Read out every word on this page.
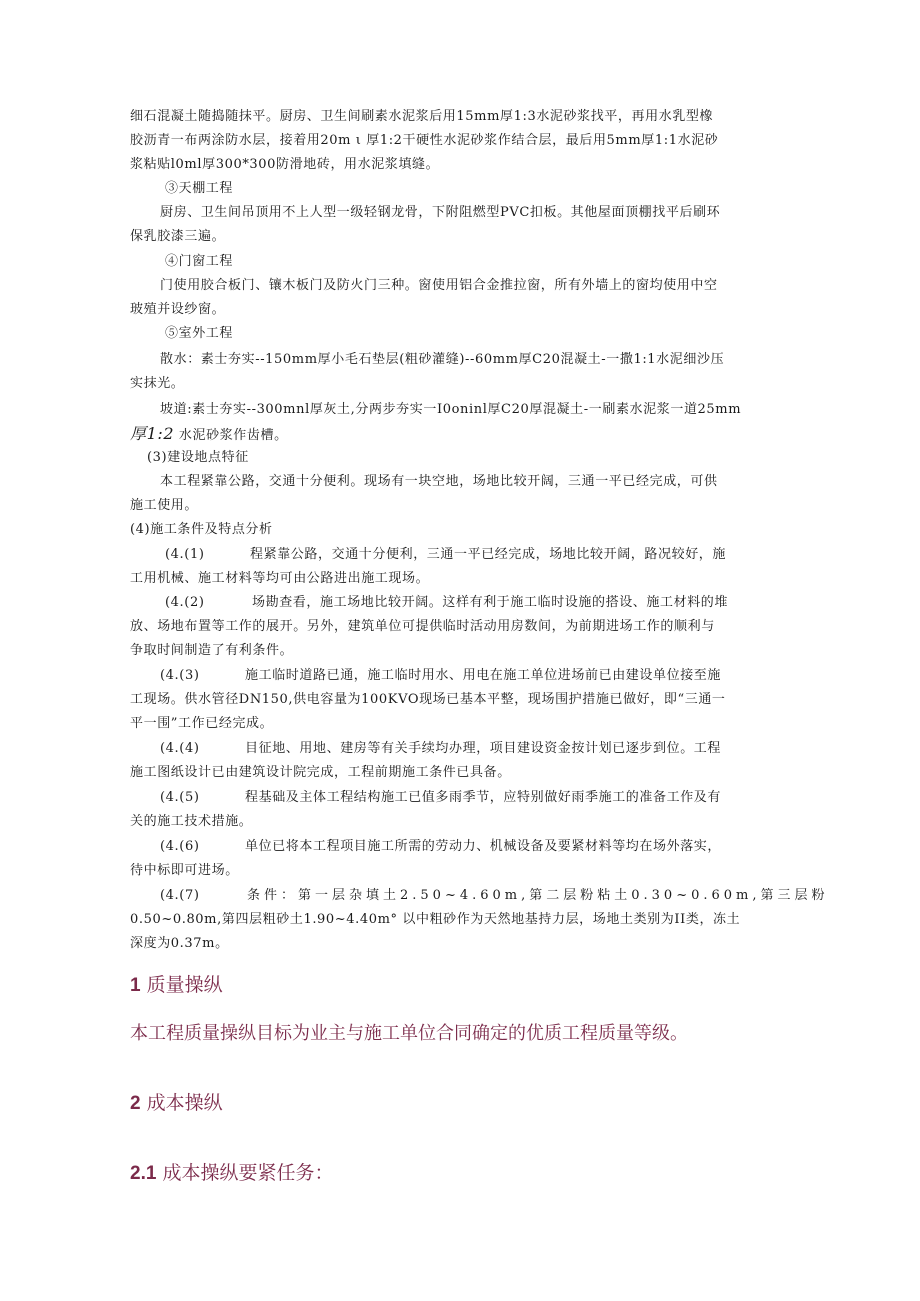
细石混凝土随捣随抹平。厨房、卫生间刷素水泥浆后用15mm厚1:3水泥砂浆找平，再用水乳型橡
胶沥青一布两涂防水层，接着用20m ι 厚1:2干硬性水泥砂浆作结合层，最后用5mm厚1:1水泥砂
浆粘贴l0ml厚300*300防滑地砖，用水泥浆填缝。
③天棚工程
厨房、卫生间吊顶用不上人型一级轻钢龙骨，下附阻燃型PVC扣板。其他屋面顶棚找平后刷环
保乳胶漆三遍。
④门窗工程
门使用胶合板门、镶木板门及防火门三种。窗使用铝合金推拉窗，所有外墙上的窗均使用中空
玻殖并设纱窗。
⑤室外工程
散水：素士夯实--150mm厚小毛石垫层(粗砂灌缝)--60mm厚C20混凝土-一撒1:1水泥细沙压
实抹光。
坡道:素士夯实--300mnl厚灰土,分两步夯实一I0oninl厚C20厚混凝土-一刷素水泥浆一道25mm
厚1:2 水泥砂浆作齿槽。
(3)建设地点特征
本工程紧靠公路，交通十分便利。现场有一块空地，场地比较开阔，三通一平已经完成，可供
施工使用。
(4)施工条件及特点分析
(4.(1)	程紧靠公路，交通十分便利，三通一平已经完成，场地比较开阔，路况较好，施
工用机械、施工材料等均可由公路进出施工现场。
(4.(2)	场勘查看，施工场地比较开阔。这样有利于施工临时设施的搭设、施工材料的堆
放、场地布置等工作的展开。另外，建筑单位可提供临时活动用房数间，为前期进场工作的顺利与
争取时间制造了有利条件。
(4.(3)	施工临时道路已通，施工临时用水、用电在施工单位进场前已由建设单位接至施
工现场。供水管径DN150,供电容量为100KVO现场已基本平整，现场围护措施已做好，即“三通一
平一围”工作已经完成。
(4.(4)	目征地、用地、建房等有关手续均办理，项目建设资金按计划已逐步到位。工程
施工图纸设计已由建筑设计院完成，工程前期施工条件已具备。
(4.(5)	程基础及主体工程结构施工已值多雨季节，应特别做好雨季施工的准备工作及有
关的施工技术措施。
(4.(6)	单位已将本工程项目施工所需的劳动力、机械设备及要紧材料等均在场外落实，
待中标即可进场。
(4.(7)	条件：第一层杂填土2.50~4.60m,第二层粉粘土0.30~0.60m,第三层粉
0.50~0.80m,第四层粗砂土1.90~4.40m° 以中粗砂作为天然地基持力层，场地土类别为II类，冻土
深度为0.37m。
1 质量操纵
本工程质量操纵目标为业主与施工单位合同确定的优质工程质量等级。
2 成本操纵
2.1 成本操纵要紧任务：
